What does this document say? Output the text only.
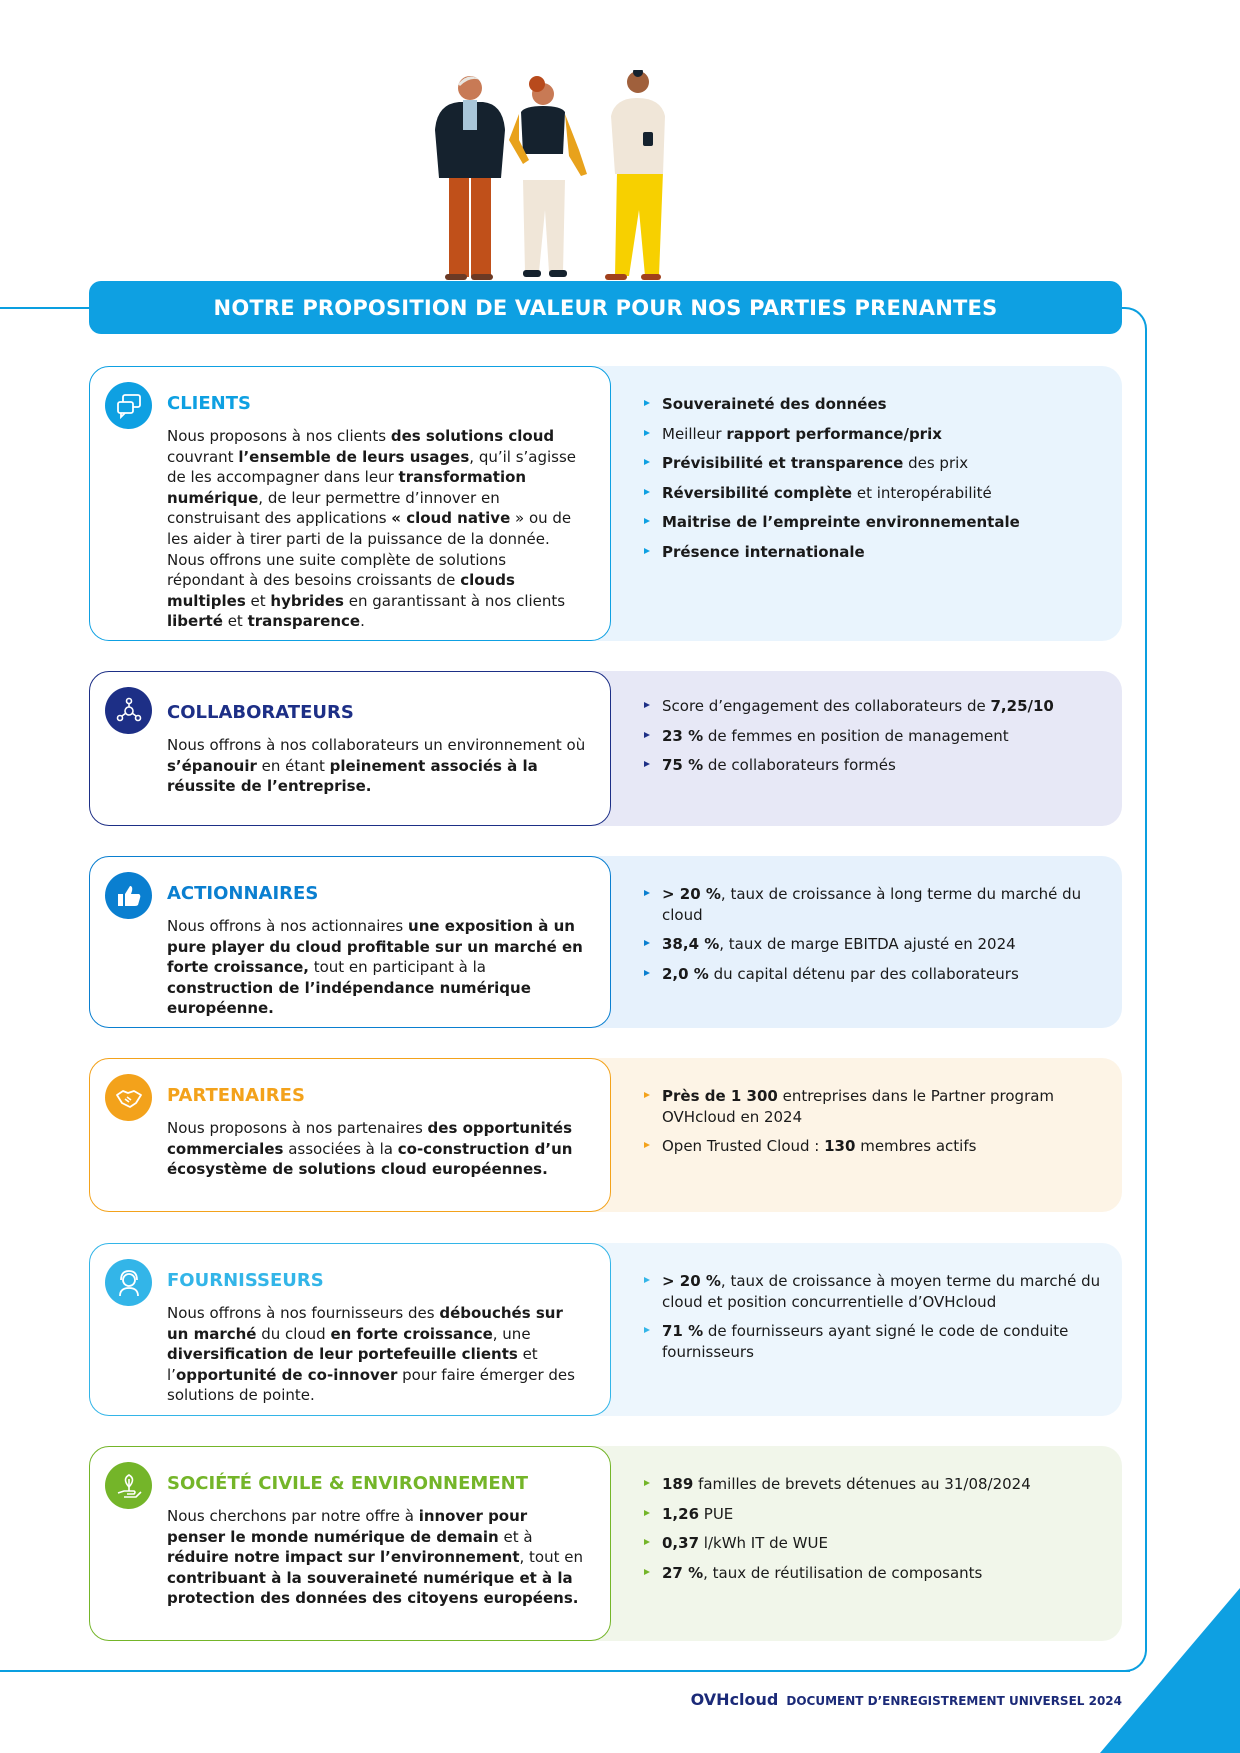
NOTRE PROPOSITION DE VALEUR POUR NOS PARTIES PRENANTES
CLIENTS

Nous proposons à nos clients des solutions cloud couvrant l’ensemble de leurs usages, qu’il s’agisse de les accompagner dans leur transformation numérique, de leur permettre d’innover en construisant des applications « cloud native » ou de les aider à tirer parti de la puissance de la donnée. Nous offrons une suite complète de solutions répondant à des besoins croissants de clouds multiples et hybrides en garantissant à nos clients liberté et transparence.

Souveraineté des données
Meilleur rapport performance/prix
Prévisibilité et transparence des prix
Réversibilité complète et interopérabilité
Maitrise de l’empreinte environnementale
Présence internationale
COLLABORATEURS

Nous offrons à nos collaborateurs un environnement où s’épanouir en étant pleinement associés à la réussite de l’entreprise.

Score d’engagement des collaborateurs de 7,25/10
23 % de femmes en position de management
75 % de collaborateurs formés
ACTIONNAIRES

Nous offrons à nos actionnaires une exposition à un pure player du cloud profitable sur un marché en forte croissance, tout en participant à la construction de l’indépendance numérique européenne.

> 20 %, taux de croissance à long terme du marché du cloud
38,4 %, taux de marge EBITDA ajusté en 2024
2,0 % du capital détenu par des collaborateurs
PARTENAIRES

Nous proposons à nos partenaires des opportunités commerciales associées à la co-construction d’un écosystème de solutions cloud européennes.

Près de 1 300 entreprises dans le Partner program OVHcloud en 2024
Open Trusted Cloud : 130 membres actifs
FOURNISSEURS

Nous offrons à nos fournisseurs des débouchés sur un marché du cloud en forte croissance, une diversification de leur portefeuille clients et l’opportunité de co-innover pour faire émerger des solutions de pointe.

> 20 %, taux de croissance à moyen terme du marché du cloud et position concurrentielle d’OVHcloud
71 % de fournisseurs ayant signé le code de conduite fournisseurs
SOCIÉTÉ CIVILE & ENVIRONNEMENT

Nous cherchons par notre offre à innover pour penser le monde numérique de demain et à réduire notre impact sur l’environnement, tout en contribuant à la souveraineté numérique et à la protection des données des citoyens européens.

189 familles de brevets détenues au 31/08/2024
1,26 PUE
0,37 l/kWh IT de WUE
27 %, taux de réutilisation de composants
OVHcloud DOCUMENT D’ENREGISTREMENT UNIVERSEL 2024
